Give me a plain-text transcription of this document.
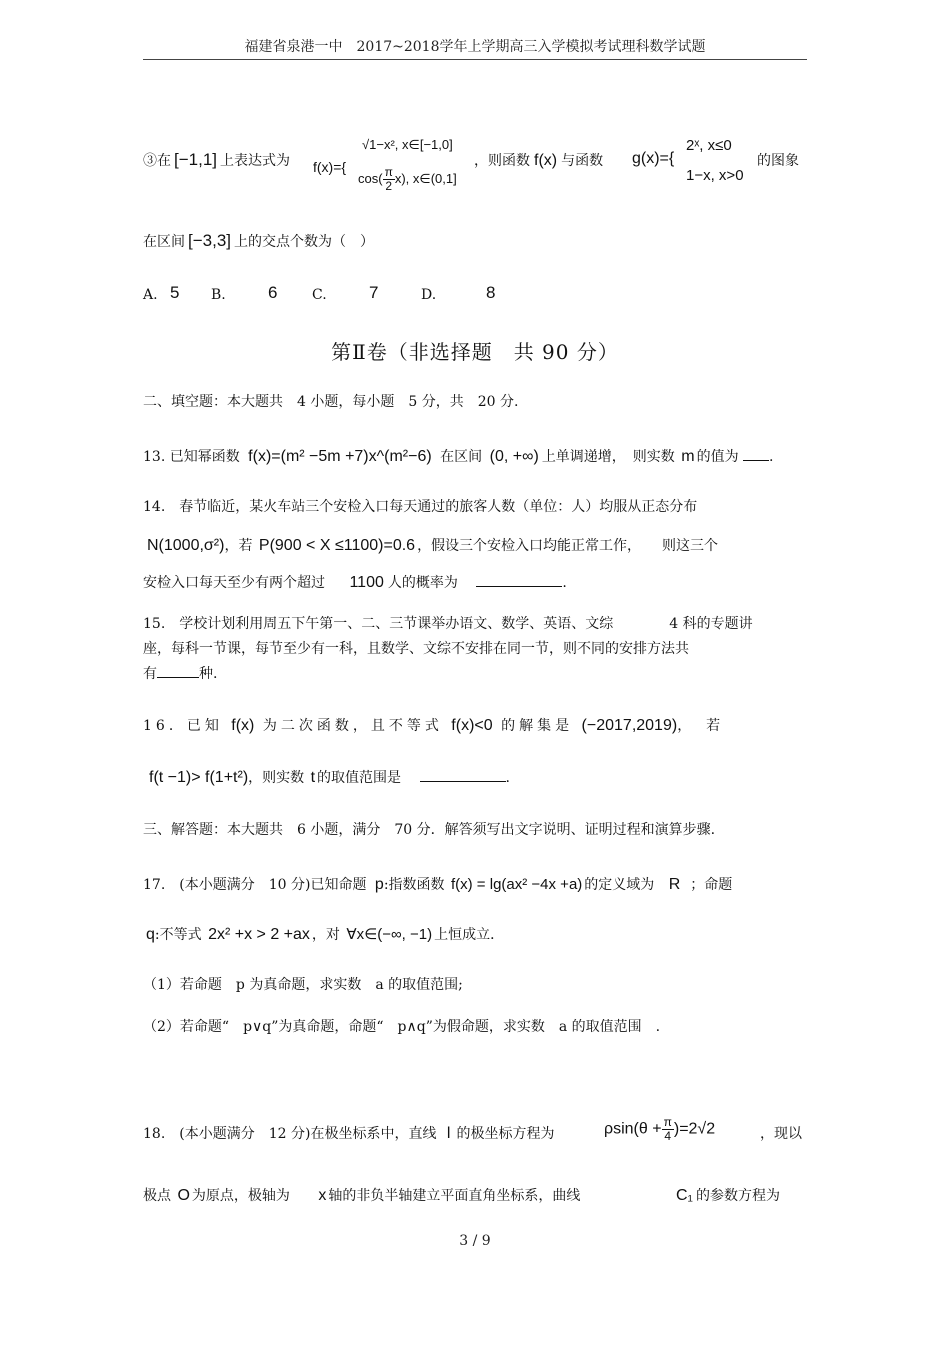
福建省泉港一中　2017~2018学年上学期高三入学模拟考试理科数学试题
③在 [−1,1] 上表达式为 f(x)={
√1−x², x∈[−1,0]
$\cos( \frac{\pi}{2} x)$, x∈(0,1]
，则函数 f(x) 与函数 g(x)={
2ˣ, x≤0
1−x, x>0
的图象
在区间 [−3,3] 上的交点个数为（　）
A. 5 B. 6 C. 7	D.	8
第Ⅱ卷（非选择题　共 90 分）
二、填空题：本大题共　4 小题，每小题　5 分，共　20 分.
13. 已知幂函数 f(x)=(m² −5m +7)x^(m²−6) 在区间 (0, +∞) 上单调递增，　则实数 m 的值为 .
14.　春节临近，某火车站三个安检入口每天通过的旅客人数（单位：人）均服从正态分布
N(1000,σ²)，若 P(900 < X ≤1100)=0.6 ，假设三个安检入口均能正常工作，　　则这三个
安检入口每天至少有两个超过 1100 人的概率为	.
15.　学校计划利用周五下午第一、二、三节课举办语文、数学、英语、文综　　　　4 科的专题讲
座，每科一节课，每节至少有一科，且数学、文综不安排在同一节，则不同的安排方法共
有	种.
16．已知 f(x) 为二次函数，且不等式 f(x)<0 的解集是 (−2017,2019)，　若
f(t −1)> f(1+t²)，则实数 t 的取值范围是	.
三、解答题：本大题共　6 小题，满分　70 分．解答须写出文字说明、证明过程和演算步骤.
17.　(本小题满分　10 分)已知命题 p:指数函数 f(x) = lg(ax² −4x +a) 的定义域为 R ；命题
q:不等式 2x² +x > 2 +ax ，对 ∀x∈(−∞, −1) 上恒成立．
（1）若命题　p 为真命题，求实数　a 的取值范围;
（2）若命题“　p∨q”为真命题，命题“　p∧q”为假命题，求实数　a 的取值范围　.
18.　(本小题满分　12 分)在极坐标系中，直线 l 的极坐标方程为	$\rho\sin(\theta + \frac{\pi}{4} )=2√2$	，现以
极点 O 为原点，极轴为 x 轴的非负半轴建立平面直角坐标系，曲线	C₁ 的参数方程为
3 / 9
